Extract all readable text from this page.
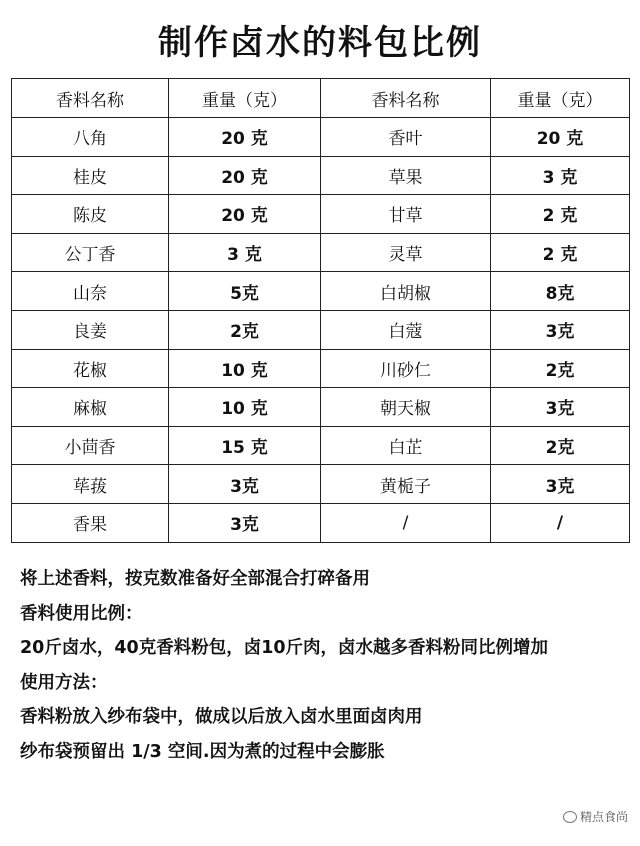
制作卤水的料包比例
香料名称	重量（克）	香料名称	重量（克）
八角	20 克	香叶	20 克
桂皮	20 克	草果	3 克
陈皮	20 克	甘草	2 克
公丁香	3 克	灵草	2 克
山奈	5克	白胡椒	8克
良姜	2克	白蔻	3克
花椒	10 克	川砂仁	2克
麻椒	10 克	朝天椒	3克
小茴香	15 克	白芷	2克
荜菝	3克	黄栀子	3克
香果	3克	/	/

将上述香料，按克数准备好全部混合打碎备用

香料使用比例：

20斤卤水，40克香料粉包，卤10斤肉，卤水越多香料粉同比例增加

使用方法：

香料粉放入纱布袋中，做成以后放入卤水里面卤肉用

纱布袋预留出 1/3 空间.因为煮的过程中会膨胀

精点食尚
